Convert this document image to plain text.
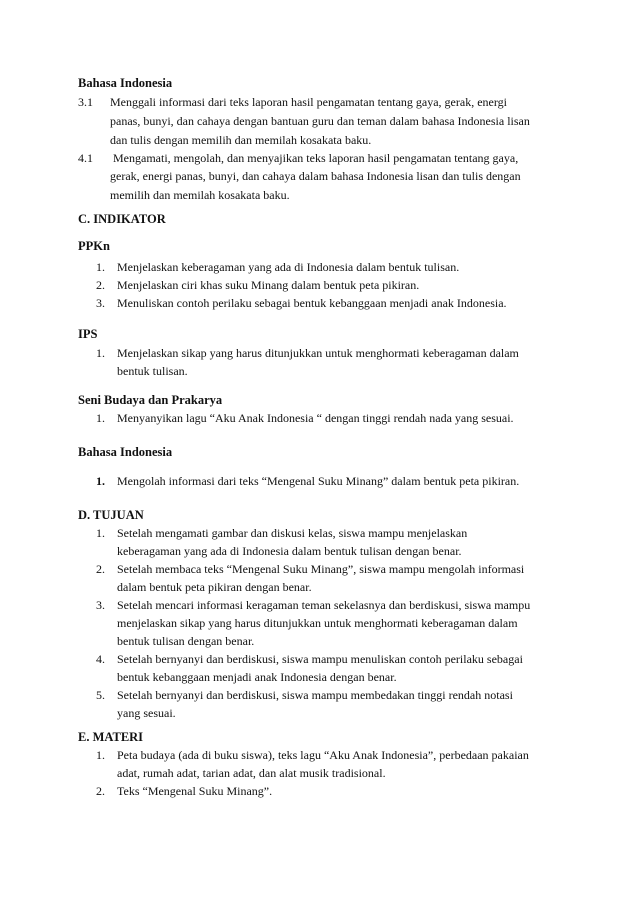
Bahasa Indonesia
3.1 Menggali informasi dari teks laporan hasil pengamatan tentang gaya, gerak, energi
panas, bunyi, dan cahaya dengan bantuan guru dan teman dalam bahasa Indonesia lisan
dan tulis dengan memilih dan memilah kosakata baku.
4.1 Mengamati, mengolah, dan menyajikan teks laporan hasil pengamatan tentang gaya,
gerak, energi panas, bunyi, dan cahaya dalam bahasa Indonesia lisan dan tulis dengan
memilih dan memilah kosakata baku.
C. INDIKATOR
PPKn
1. Menjelaskan keberagaman yang ada di Indonesia dalam bentuk tulisan.
2. Menjelaskan ciri khas suku Minang dalam bentuk peta pikiran.
3. Menuliskan contoh perilaku sebagai bentuk kebanggaan menjadi anak Indonesia.
IPS
1. Menjelaskan sikap yang harus ditunjukkan untuk menghormati keberagaman dalam
bentuk tulisan.
Seni Budaya dan Prakarya
1. Menyanyikan lagu “Aku Anak Indonesia “ dengan tinggi rendah nada yang sesuai.
Bahasa Indonesia
1. Mengolah informasi dari teks “Mengenal Suku Minang” dalam bentuk peta pikiran.
D. TUJUAN
1. Setelah mengamati gambar dan diskusi kelas, siswa mampu menjelaskan
keberagaman yang ada di Indonesia dalam bentuk tulisan dengan benar.
2. Setelah membaca teks “Mengenal Suku Minang”, siswa mampu mengolah informasi
dalam bentuk peta pikiran dengan benar.
3. Setelah mencari informasi keragaman teman sekelasnya dan berdiskusi, siswa mampu
menjelaskan sikap yang harus ditunjukkan untuk menghormati keberagaman dalam
bentuk tulisan dengan benar.
4. Setelah bernyanyi dan berdiskusi, siswa mampu menuliskan contoh perilaku sebagai
bentuk kebanggaan menjadi anak Indonesia dengan benar.
5. Setelah bernyanyi dan berdiskusi, siswa mampu membedakan tinggi rendah notasi
yang sesuai.
E. MATERI
1. Peta budaya (ada di buku siswa), teks lagu “Aku Anak Indonesia”, perbedaan pakaian
adat, rumah adat, tarian adat, dan alat musik tradisional.
2. Teks “Mengenal Suku Minang”.
